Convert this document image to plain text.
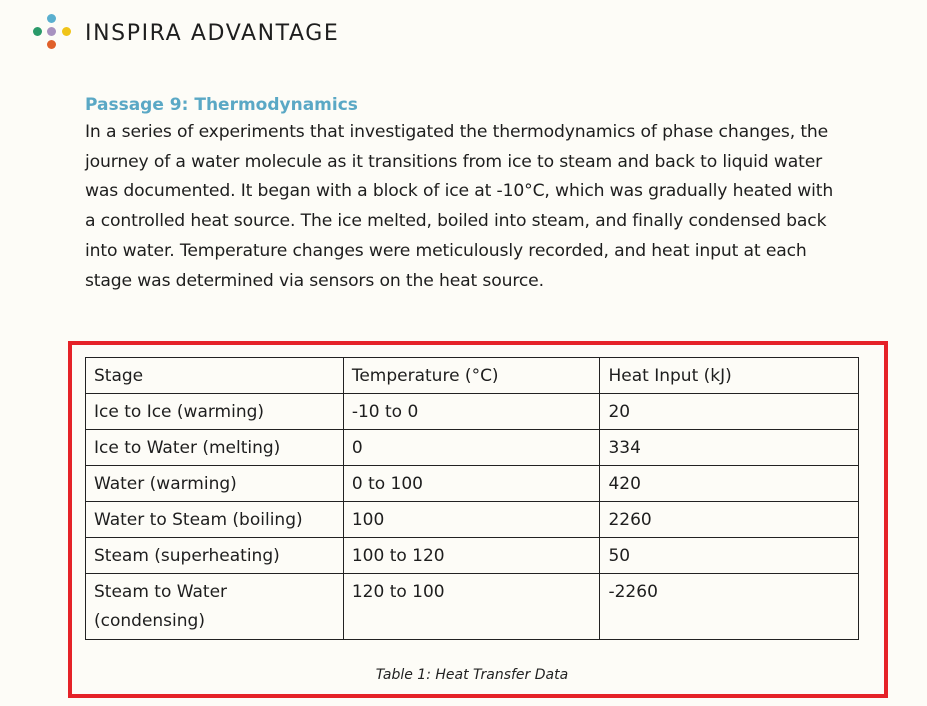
INSPIRA ADVANTAGE
Passage 9: Thermodynamics

In a series of experiments that investigated the thermodynamics of phase changes, the journey of a water molecule as it transitions from ice to steam and back to liquid water was documented. It began with a block of ice at -10°C, which was gradually heated with a controlled heat source. The ice melted, boiled into steam, and finally condensed back into water. Temperature changes were meticulously recorded, and heat input at each stage was determined via sensors on the heat source.

Stage	Temperature (°C)	Heat Input (kJ)
Ice to Ice (warming)	-10 to 0	20
Ice to Water (melting)	0	334
Water (warming)	0 to 100	420
Water to Steam (boiling)	100	2260
Steam (superheating)	100 to 120	50
Steam to Water (condensing)	120 to 100	-2260
Table 1: Heat Transfer Data
